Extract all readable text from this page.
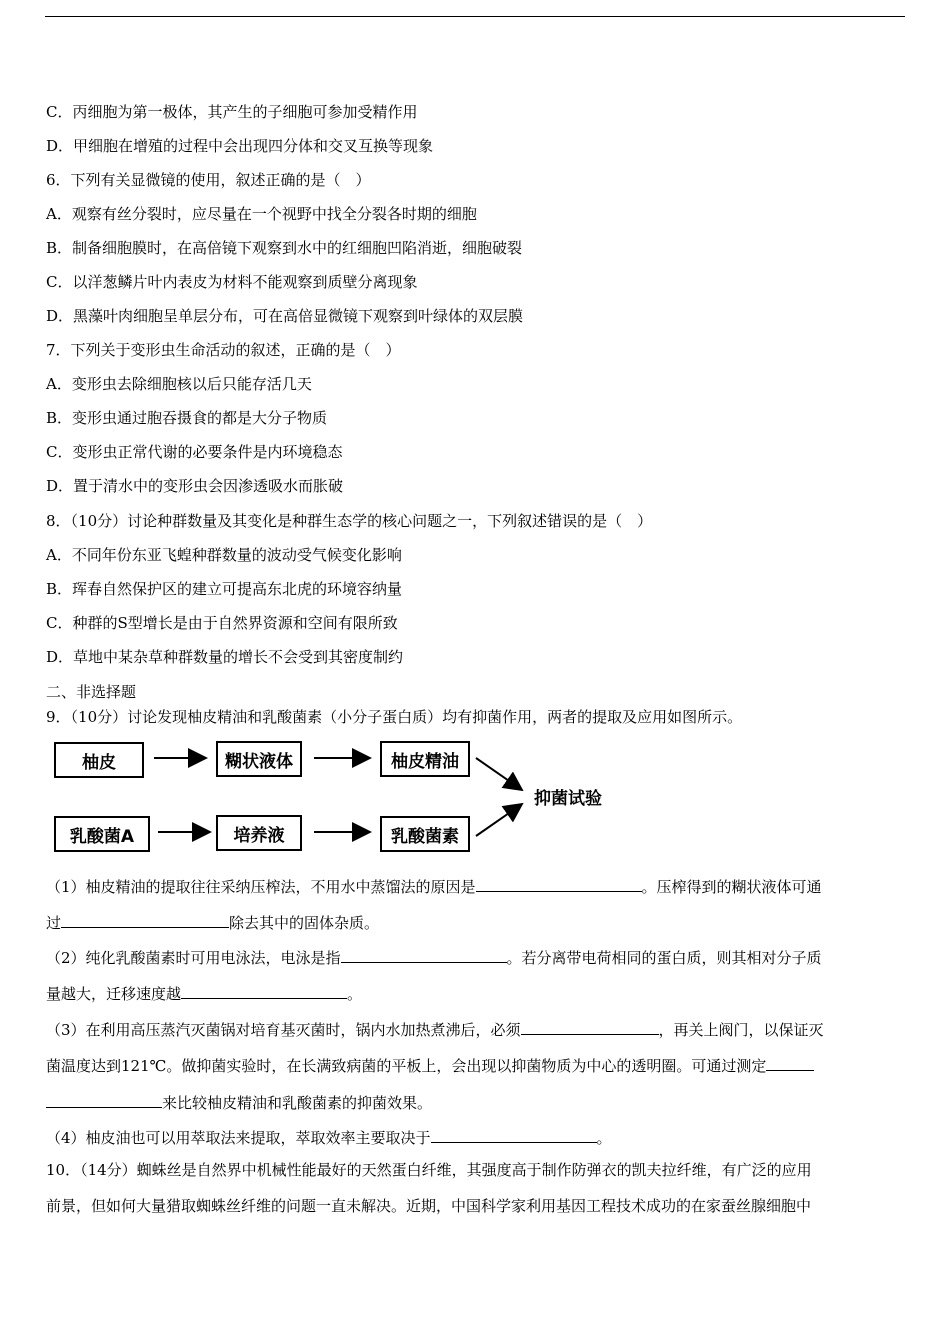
C．丙细胞为第一极体，其产生的子细胞可参加受精作用
D．甲细胞在增殖的过程中会出现四分体和交叉互换等现象
6．下列有关显微镜的使用，叙述正确的是（　）
A．观察有丝分裂时，应尽量在一个视野中找全分裂各时期的细胞
B．制备细胞膜时，在高倍镜下观察到水中的红细胞凹陷消逝，细胞破裂
C．以洋葱鳞片叶内表皮为材料不能观察到质壁分离现象
D．黑藻叶肉细胞呈单层分布，可在高倍显微镜下观察到叶绿体的双层膜
7．下列关于变形虫生命活动的叙述，正确的是（　）
A．变形虫去除细胞核以后只能存活几天
B．变形虫通过胞吞摄食的都是大分子物质
C．变形虫正常代谢的必要条件是内环境稳态
D．置于清水中的变形虫会因渗透吸水而胀破
8．（10分）讨论种群数量及其变化是种群生态学的核心问题之一，下列叙述错误的是（　）
A．不同年份东亚飞蝗种群数量的波动受气候变化影响
B．珲春自然保护区的建立可提高东北虎的环境容纳量
C．种群的S型增长是由于自然界资源和空间有限所致
D．草地中某杂草种群数量的增长不会受到其密度制约
二、非选择题
9．（10分）讨论发现柚皮精油和乳酸菌素（小分子蛋白质）均有抑菌作用，两者的提取及应用如图所示。
柚皮	糊状液体	柚皮精油
乳酸菌A	培养液	乳酸菌素
抑菌试验
（1）柚皮精油的提取往往采纳压榨法，不用水中蒸馏法的原因是	。压榨得到的糊状液体可通
过	除去其中的固体杂质。
（2）纯化乳酸菌素时可用电泳法，电泳是指	。若分离带电荷相同的蛋白质，则其相对分子质
量越大，迁移速度越	。
（3）在利用高压蒸汽灭菌锅对培育基灭菌时，锅内水加热煮沸后，必须	，再关上阀门，以保证灭
菌温度达到121℃。做抑菌实验时，在长满致病菌的平板上，会出现以抑菌物质为中心的透明圈。可通过测定
来比较柚皮精油和乳酸菌素的抑菌效果。
（4）柚皮油也可以用萃取法来提取，萃取效率主要取决于	。
10．（14分）蜘蛛丝是自然界中机械性能最好的天然蛋白纤维，其强度高于制作防弹衣的凯夫拉纤维，有广泛的应用
前景，但如何大量猎取蜘蛛丝纤维的问题一直未解决。近期，中国科学家利用基因工程技术成功的在家蚕丝腺细胞中
